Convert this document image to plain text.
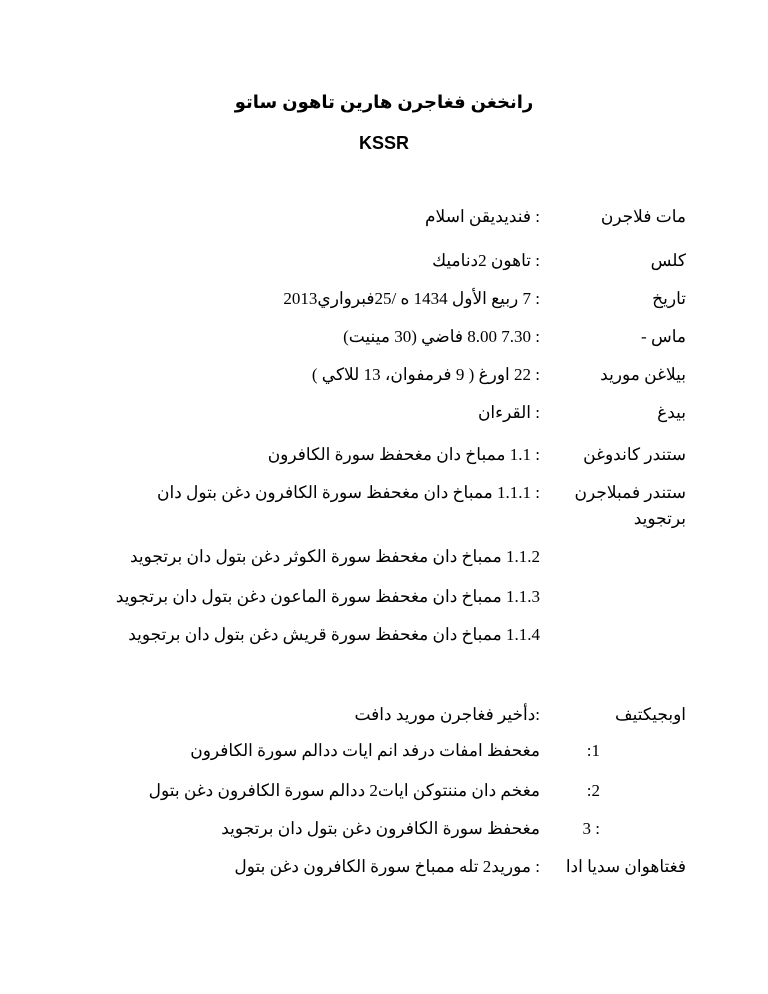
رانخغن فغاجرن هارين تاهون ساتو
KSSR
مات فلاجرن
: فنديديقن اسلام
كلس
: تاهون 2دناميك
تاريخ
: 7 ربيع الأول 1434 ه /25فبرواري2013
ماس -
: 7.30 8.00 فاضي (30 مينيت)
بيلاغن موريد
: 22 اورغ ( 9 فرمفوان، 13 للاكي )
بيدغ
: القرءان
ستندر كاندوغن
: 1.1 ممباخ دان مغحفظ سورة الكافرون
ستندر فمبلاجرن
برتجويد
: 1.1.1 ممباخ دان مغحفظ سورة الكافرون دغن بتول دان
1.1.2 ممباخ دان مغحفظ سورة الكوثر دغن بتول دان برتجويد
1.1.3 ممباخ دان مغحفظ سورة الماعون دغن بتول دان برتجويد
1.1.4 ممباخ دان مغحفظ سورة قريش دغن بتول دان برتجويد
اوبجيكتيف
:دأخير فغاجرن موريد دافت
:1
مغحفظ امفات درفد انم ايات ددالم سورة الكافرون
:2
مغخم دان مننتوكن ايات2 ددالم سورة الكافرون دغن بتول
3 :
مغحفظ سورة الكافرون دغن بتول دان برتجويد
فغتاهوان سديا ادا
: موريد2 تله ممباخ سورة الكافرون دغن بتول
